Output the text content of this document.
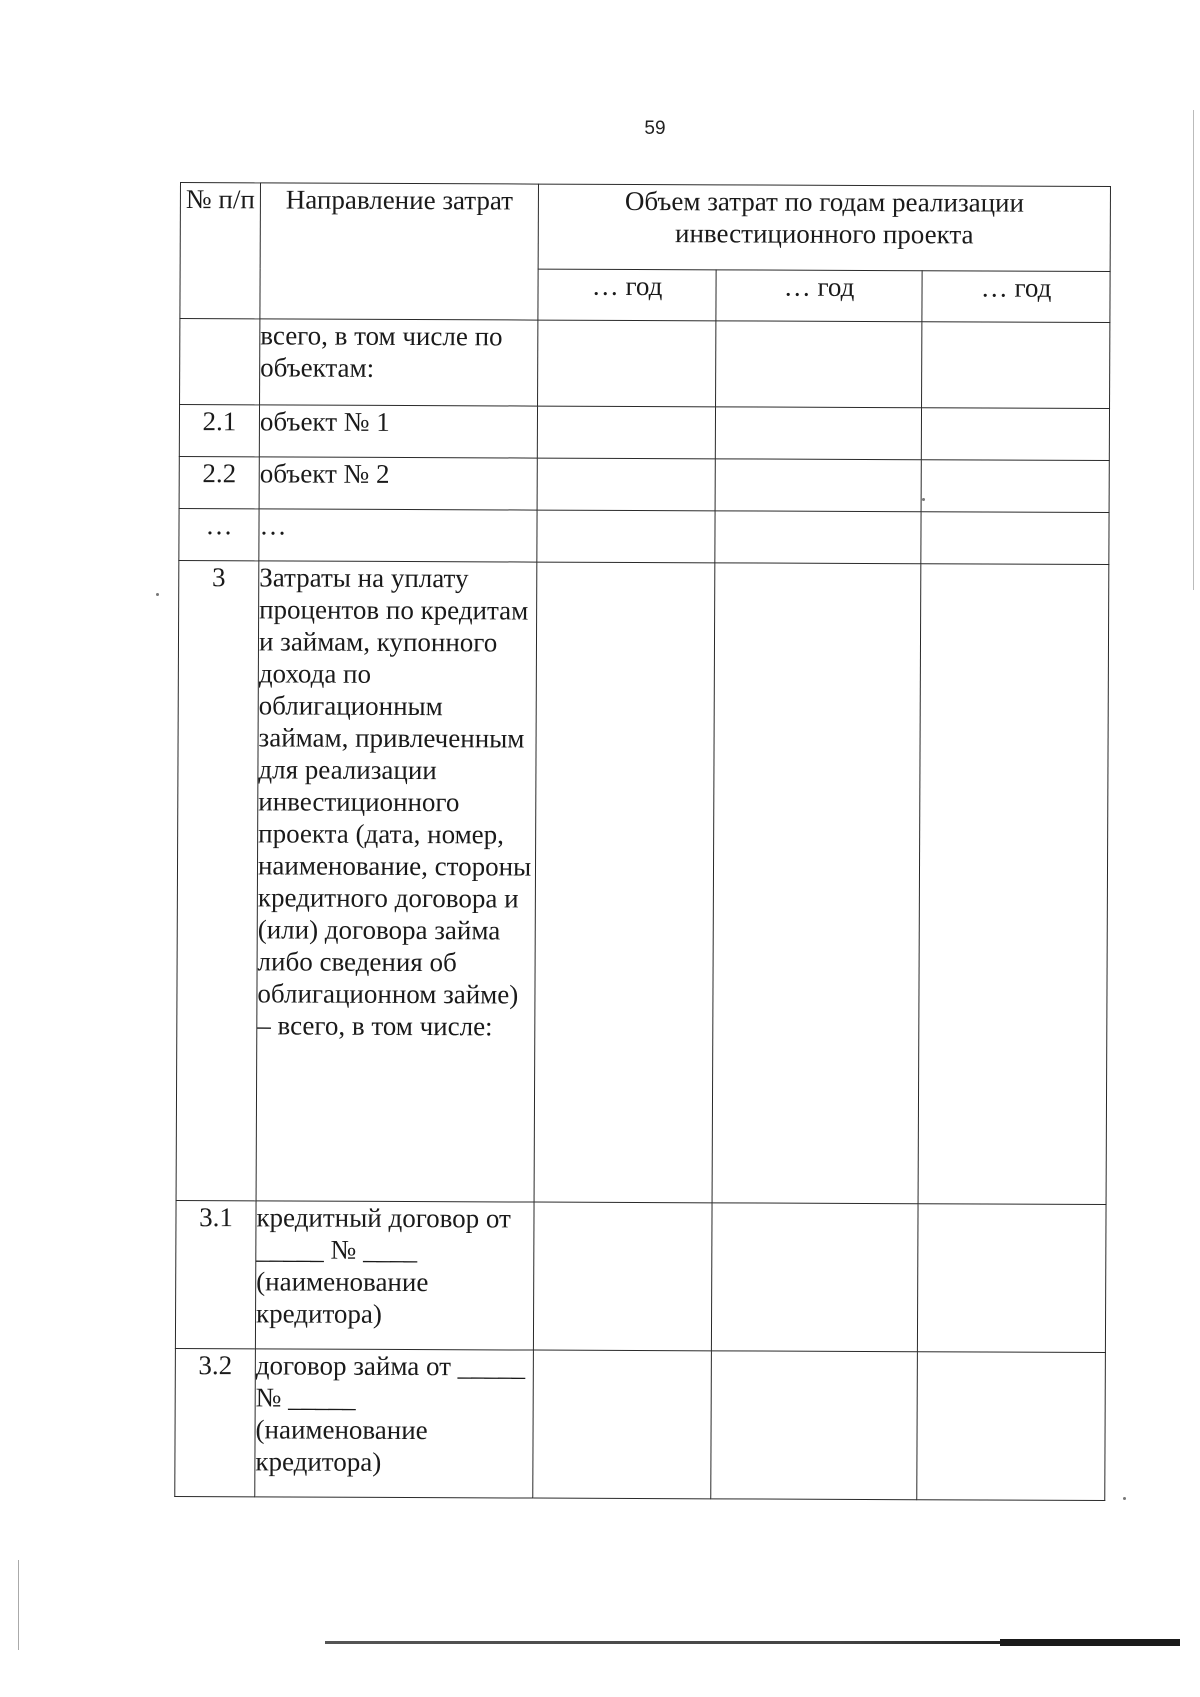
59
№ п/п	Направление затрат	Объем затрат по годам реализации инвестиционного проекта		
		… год	… год	… год
	всего, в том числе по объектам:			
2.1	объект № 1			
2.2	объект № 2			
…	…			
3	Затраты на уплату процентов по кредитам и займам, купонного дохода по облигационным займам, привлеченным для реализации инвестиционного проекта (дата, номер, наименование, стороны кредитного договора и (или) договора займа либо сведения об облигационном займе) – всего, в том числе:			
3.1	кредитный договор от _____ № ____ (наименование кредитора)			
3.2	договор займа от _____ № _____ (наименование кредитора)			
